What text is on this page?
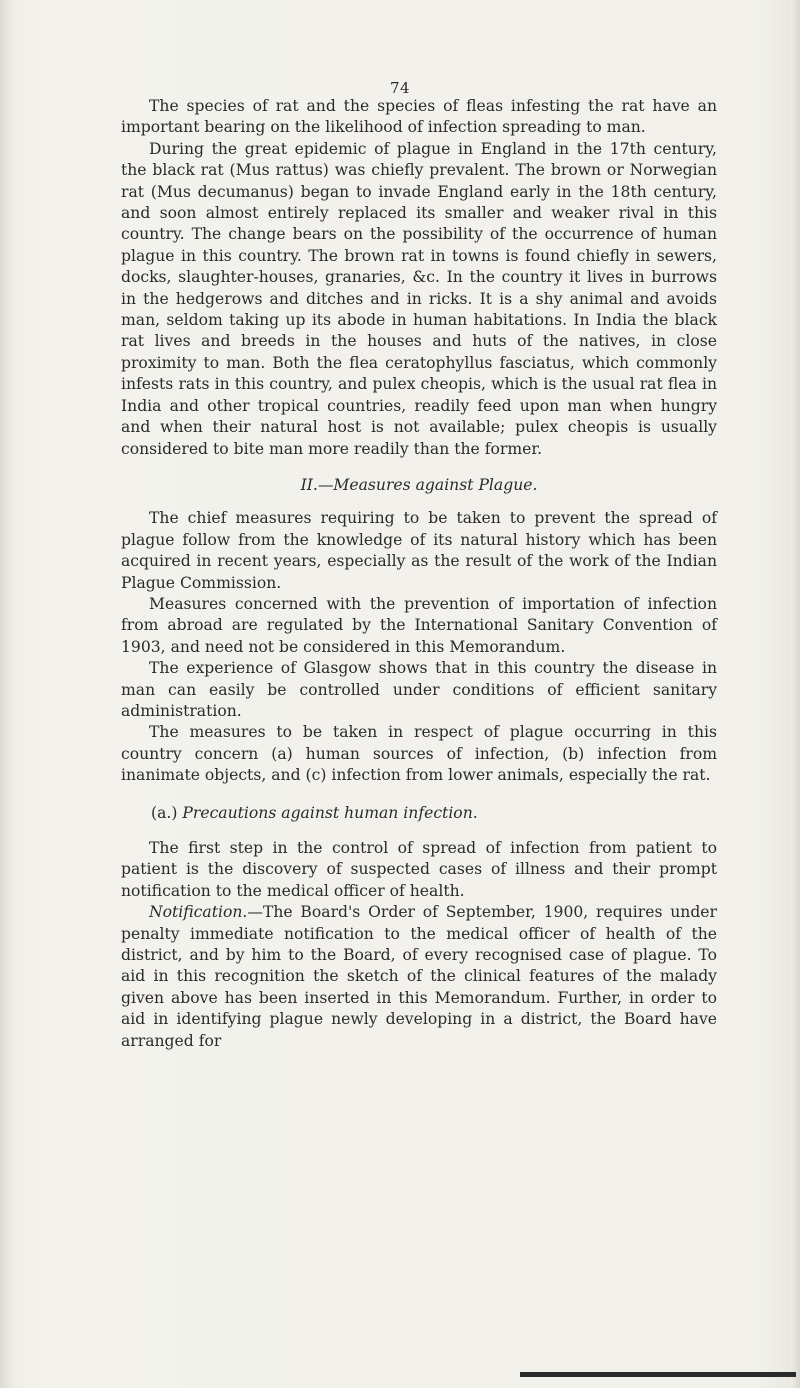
74

The species of rat and the species of fleas infesting the rat have an important bearing on the likelihood of infection spreading to man.

During the great epidemic of plague in England in the 17th century, the black rat (Mus rattus) was chiefly prevalent. The brown or Norwegian rat (Mus decumanus) began to invade England early in the 18th century, and soon almost entirely replaced its smaller and weaker rival in this country. The change bears on the possibility of the occurrence of human plague in this country. The brown rat in towns is found chiefly in sewers, docks, slaughter-houses, granaries, &c. In the country it lives in burrows in the hedgerows and ditches and in ricks. It is a shy animal and avoids man, seldom taking up its abode in human habitations. In India the black rat lives and breeds in the houses and huts of the natives, in close proximity to man. Both the flea ceratophyllus fasciatus, which commonly infests rats in this country, and pulex cheopis, which is the usual rat flea in India and other tropical countries, readily feed upon man when hungry and when their natural host is not available; pulex cheopis is usually considered to bite man more readily than the former.

II.—Measures against Plague.

The chief measures requiring to be taken to prevent the spread of plague follow from the knowledge of its natural history which has been acquired in recent years, especially as the result of the work of the Indian Plague Commission.

Measures concerned with the prevention of importation of infection from abroad are regulated by the International Sanitary Convention of 1903, and need not be considered in this Memorandum.

The experience of Glasgow shows that in this country the disease in man can easily be controlled under conditions of efficient sanitary administration.

The measures to be taken in respect of plague occurring in this country concern (a) human sources of infection, (b) infection from inanimate objects, and (c) infection from lower animals, especially the rat.

(a.) Precautions against human infection.

The first step in the control of spread of infection from patient to patient is the discovery of suspected cases of illness and their prompt notification to the medical officer of health.

Notification.—The Board's Order of September, 1900, requires under penalty immediate notification to the medical officer of health of the district, and by him to the Board, of every recognised case of plague. To aid in this recognition the sketch of the clinical features of the malady given above has been inserted in this Memorandum. Further, in order to aid in identifying plague newly developing in a district, the Board have arranged for
